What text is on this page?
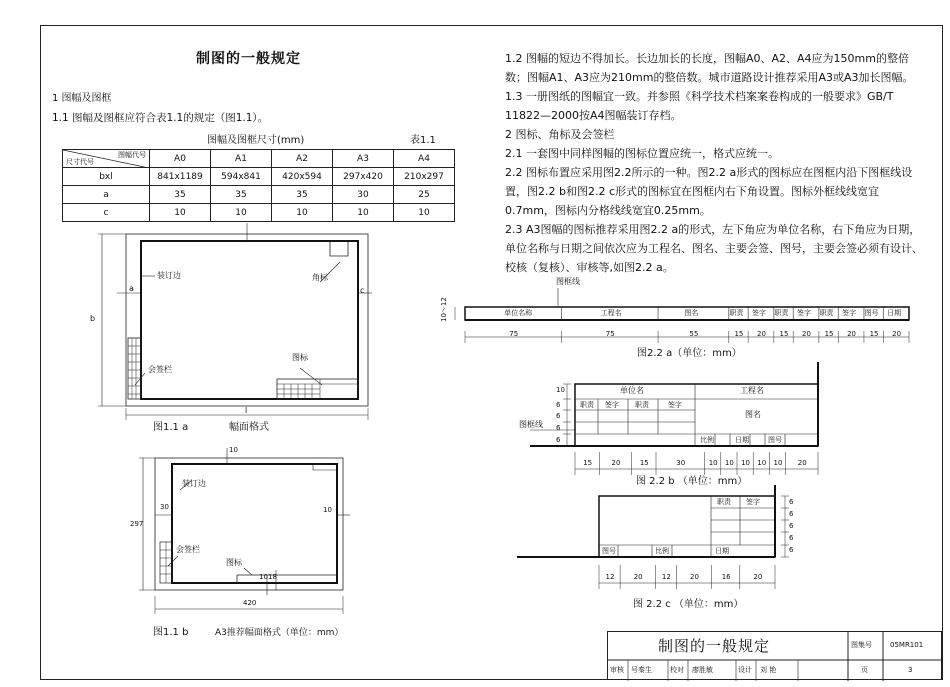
制图的一般规定
1 图幅及图框
1.1 图幅及图框应符合表1.1的规定（图1.1）。
图幅及图框尺寸(mm)	表1.1
图幅代号
尺寸代号	A0	A1	A2	A3	A4
bxl	841x1189	594x841	420x594	297x420	210x297
a	35	35	35	30	25
c	10	10	10	10	10
装订边	角标
图标
会签栏
a	c
b
l
图1.1 a	幅面格式
装订边
会签栏
图标
10
30	10
297
420
10 18
图1.1 b	A3推荐幅面格式（单位：mm）

1.2 图幅的短边不得加长。长边加长的长度，图幅A0、A2、A4应为150mm的整倍数；图幅A1、A3应为210mm的整倍数。城市道路设计推荐采用A3或A3加长图幅。

1.3 一册图纸的图幅宜一致。并参照《科学技术档案案卷构成的一般要求》GB/T 11822—2000按A4图幅装订存档。

2 图标、角标及会签栏

2.1 一套图中同样图幅的图标位置应统一，格式应统一。

2.2 图标布置应采用图2.2所示的一种。图2.2 a形式的图标应在图框内沿下图框线设置，图2.2 b和图2.2 c形式的图标宜在图框内右下角设置。图标外框线线宽宜0.7mm，图标内分格线线宽宜0.25mm。

2.3 A3图幅的图标推荐采用图2.2 a的形式，左下角应为单位名称，右下角应为日期，单位名称与日期之间依次应为工程名、图名、主要会签、图号，主要会签必须有设计、校核（复核）、审核等,如图2.2 a。

图框线
10～12	单位名称	工程名	图名	职责 签字 职责 签字 职责 签字 图号 日期
75	75	55	15 20 15 20 15 20 15 20
图2.2 a（单位：mm）
图框线
单位名	工程名
图名
职责 签字 职责	签字
比例	日期	图号
10
6
6
6
6
15	20	15	30	10 10 10 10 10 20
图 2.2 b （单位：mm）
职责 签字
图号	比例	日期
6
6
6
6
6
12	20	12	20	16	20
图 2.2 c （单位：mm）
制图的一般规定	图集号	05MR101
审核 号秦生	校对 廖胜敏	设计 刘 艳	页	3
